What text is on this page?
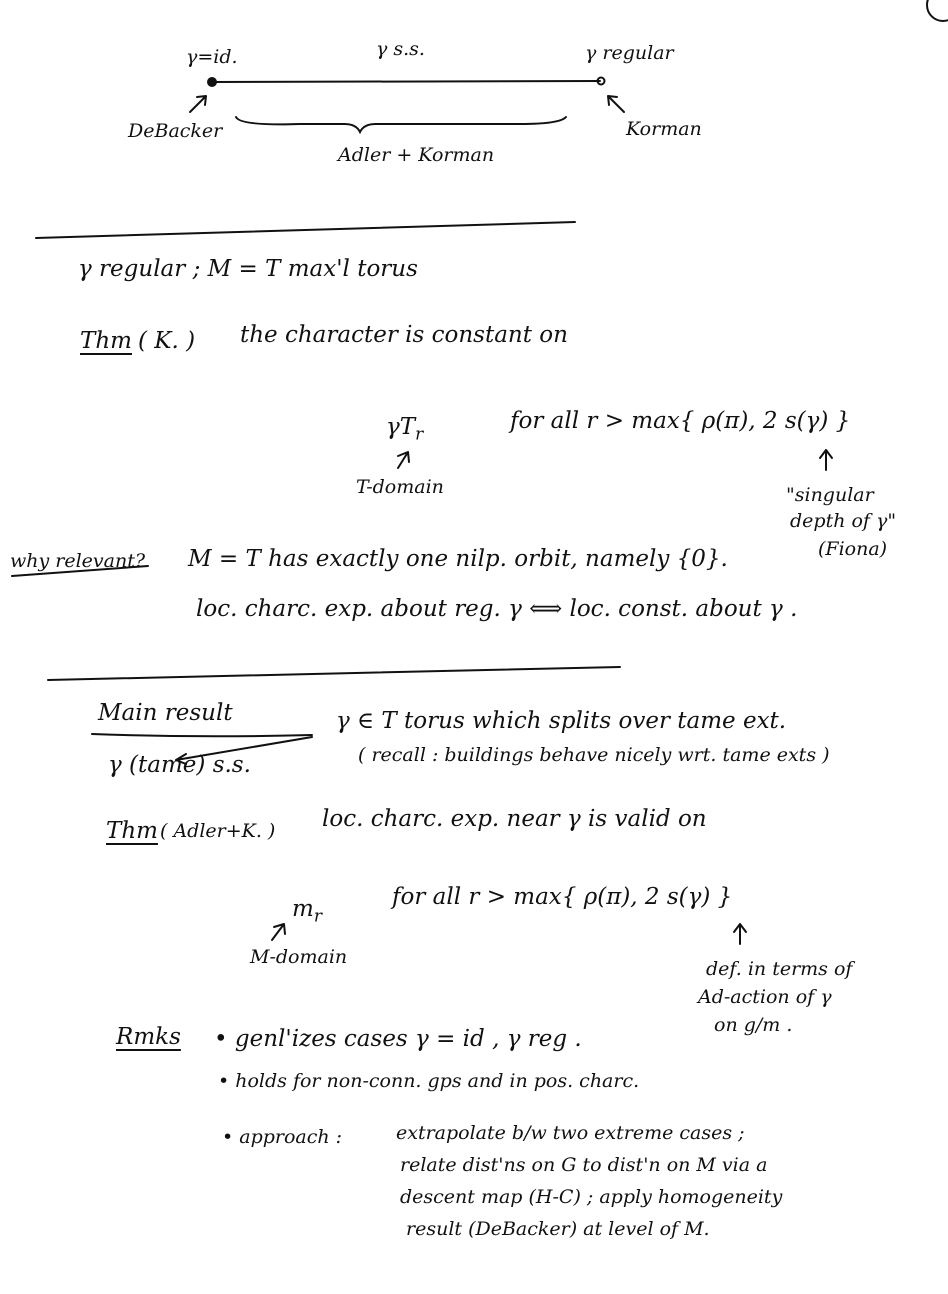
γ=id.	γ s.s.	γ regular
DeBacker	Korman
Adler + Korman
γ regular ; M = T max'l torus
Thm ( K. ) the character is constant on
$\gamma T_r$
T-domain
for all r > max{ ρ(π), 2 s(γ) }
"singular
depth of γ"
(Fiona)
why relevant? M = T has exactly one nilp. orbit, namely {0}.
loc. charc. exp. about reg. γ ⟺ loc. const. about γ .
Main result	γ ∈ T torus which splits over tame ext.
γ (tame) s.s.	( recall : buildings behave nicely wrt. tame exts )
Thm ( Adler+K. ) loc. charc. exp. near γ is valid on
$m_r$
M-domain
for all r > max{ ρ(π), 2 s(γ) }
def. in terms of
Ad-action of γ
on g/m .
Rmks • genl'izes cases γ = id , γ reg .
• holds for non-conn. gps and in pos. charc.
• approach :	extrapolate b/w two extreme cases ;
relate dist'ns on G to dist'n on M via a
descent map (H-C) ; apply homogeneity
result (DeBacker) at level of M.
